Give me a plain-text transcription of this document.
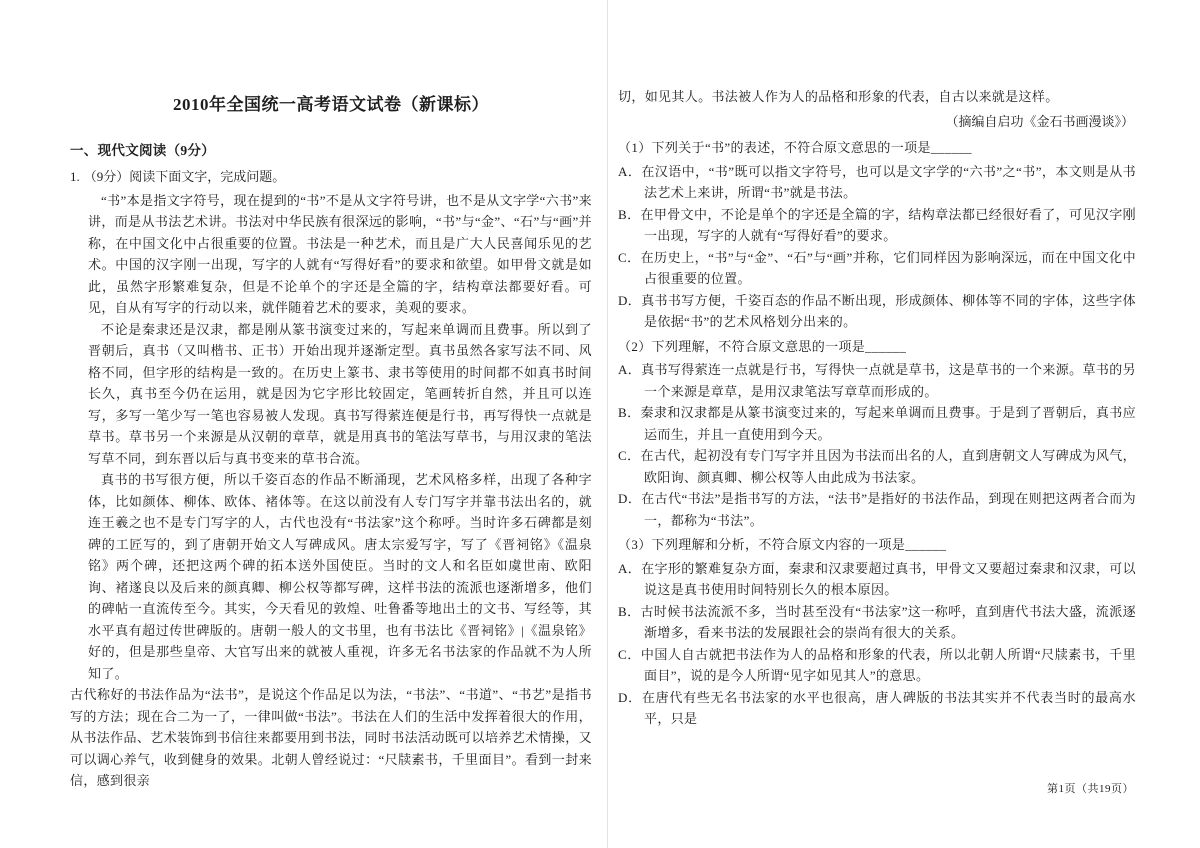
2010年全国统一高考语文试卷（新课标）
一、现代文阅读（9分）
1. （9分）阅读下面文字，完成问题。

“书”本是指文字符号，现在提到的“书”不是从文字符号讲，也不是从文字学“六书”来讲，而是从书法艺术讲。书法对中华民族有很深远的影响，“书”与“金”、“石”与“画”并称，在中国文化中占很重要的位置。书法是一种艺术，而且是广大人民喜闻乐见的艺术。中国的汉字刚一出现，写字的人就有“写得好看”的要求和欲望。如甲骨文就是如此，虽然字形繁难复杂，但是不论单个的字还是全篇的字，结构章法都要好看。可见，自从有写字的行动以来，就伴随着艺术的要求，美观的要求。

不论是秦隶还是汉隶，都是刚从篆书演变过来的，写起来单调而且费事。所以到了晋朝后，真书（又叫楷书、正书）开始出现并逐渐定型。真书虽然各家写法不同、风格不同，但字形的结构是一致的。在历史上篆书、隶书等使用的时间都不如真书时间长久，真书至今仍在运用，就是因为它字形比较固定，笔画转折自然，并且可以连写，多写一笔少写一笔也容易被人发现。真书写得萦连便是行书，再写得快一点就是草书。草书另一个来源是从汉朝的章草，就是用真书的笔法写草书，与用汉隶的笔法写草不同，到东晋以后与真书变来的草书合流。

真书的书写很方便，所以千姿百态的作品不断涌现，艺术风格多样，出现了各种字体，比如颜体、柳体、欧体、褚体等。在这以前没有人专门写字并靠书法出名的，就连王羲之也不是专门写字的人，古代也没有“书法家”这个称呼。当时许多石碑都是刻碑的工匠写的，到了唐朝开始文人写碑成风。唐太宗爱写字，写了《晋祠铭》《温泉铭》两个碑，还把这两个碑的拓本送外国使臣。当时的文人和名臣如虞世南、欧阳询、褚遂良以及后来的颜真卿、柳公权等都写碑，这样书法的流派也逐渐增多，他们的碑帖一直流传至今。其实，今天看见的敦煌、吐鲁番等地出土的文书、写经等，其水平真有超过传世碑版的。唐朝一般人的文书里，也有书法比《晋祠铭》|《温泉铭》好的，但是那些皇帝、大官写出来的就被人重视，许多无名书法家的作品就不为人所知了。

古代称好的书法作品为“法书”，是说这个作品足以为法，“书法”、“书道”、“书艺”是指书写的方法；现在合二为一了，一律叫做“书法”。书法在人们的生活中发挥着很大的作用，从书法作品、艺术装饰到书信往来都要用到书法，同时书法活动既可以培养艺术情操，又可以调心养气，收到健身的效果。北朝人曾经说过：“尺牍素书，千里面目”。看到一封来信，感到很亲

切，如见其人。书法被人作为人的品格和形象的代表，自古以来就是这样。

（摘编自启功《金石书画漫谈》）

（1）下列关于“书”的表述，不符合原文意思的一项是______

A．在汉语中，“书”既可以指文字符号，也可以是文字学的“六书”之“书”，本文则是从书法艺术上来讲，所谓“书”就是书法。

B．在甲骨文中，不论是单个的字还是全篇的字，结构章法都已经很好看了，可见汉字刚一出现，写字的人就有“写得好看”的要求。

C．在历史上，“书”与“金”、“石”与“画”并称，它们同样因为影响深远，而在中国文化中占很重要的位置。

D．真书书写方便，千姿百态的作品不断出现，形成颜体、柳体等不同的字体，这些字体是依据“书”的艺术风格划分出来的。

（2）下列理解，不符合原文意思的一项是______

A．真书写得萦连一点就是行书，写得快一点就是草书，这是草书的一个来源。草书的另一个来源是章草，是用汉隶笔法写章草而形成的。

B．秦隶和汉隶都是从篆书演变过来的，写起来单调而且费事。于是到了晋朝后，真书应运而生，并且一直使用到今天。

C．在古代，起初没有专门写字并且因为书法而出名的人，直到唐朝文人写碑成为风气，欧阳询、颜真卿、柳公权等人由此成为书法家。

D．在古代“书法”是指书写的方法，“法书”是指好的书法作品，到现在则把这两者合而为一，都称为“书法”。

（3）下列理解和分析，不符合原文内容的一项是______

A．在字形的繁难复杂方面，秦隶和汉隶要超过真书，甲骨文又要超过秦隶和汉隶，可以说这是真书使用时间特别长久的根本原因。

B．古时候书法流派不多，当时甚至没有“书法家”这一称呼，直到唐代书法大盛，流派逐渐增多，看来书法的发展跟社会的崇尚有很大的关系。

C．中国人自古就把书法作为人的品格和形象的代表，所以北朝人所谓“尺牍素书，千里面目”，说的是今人所谓“见字如见其人”的意思。

D．在唐代有些无名书法家的水平也很高，唐人碑版的书法其实并不代表当时的最高水平，只是

第1页（共19页）
